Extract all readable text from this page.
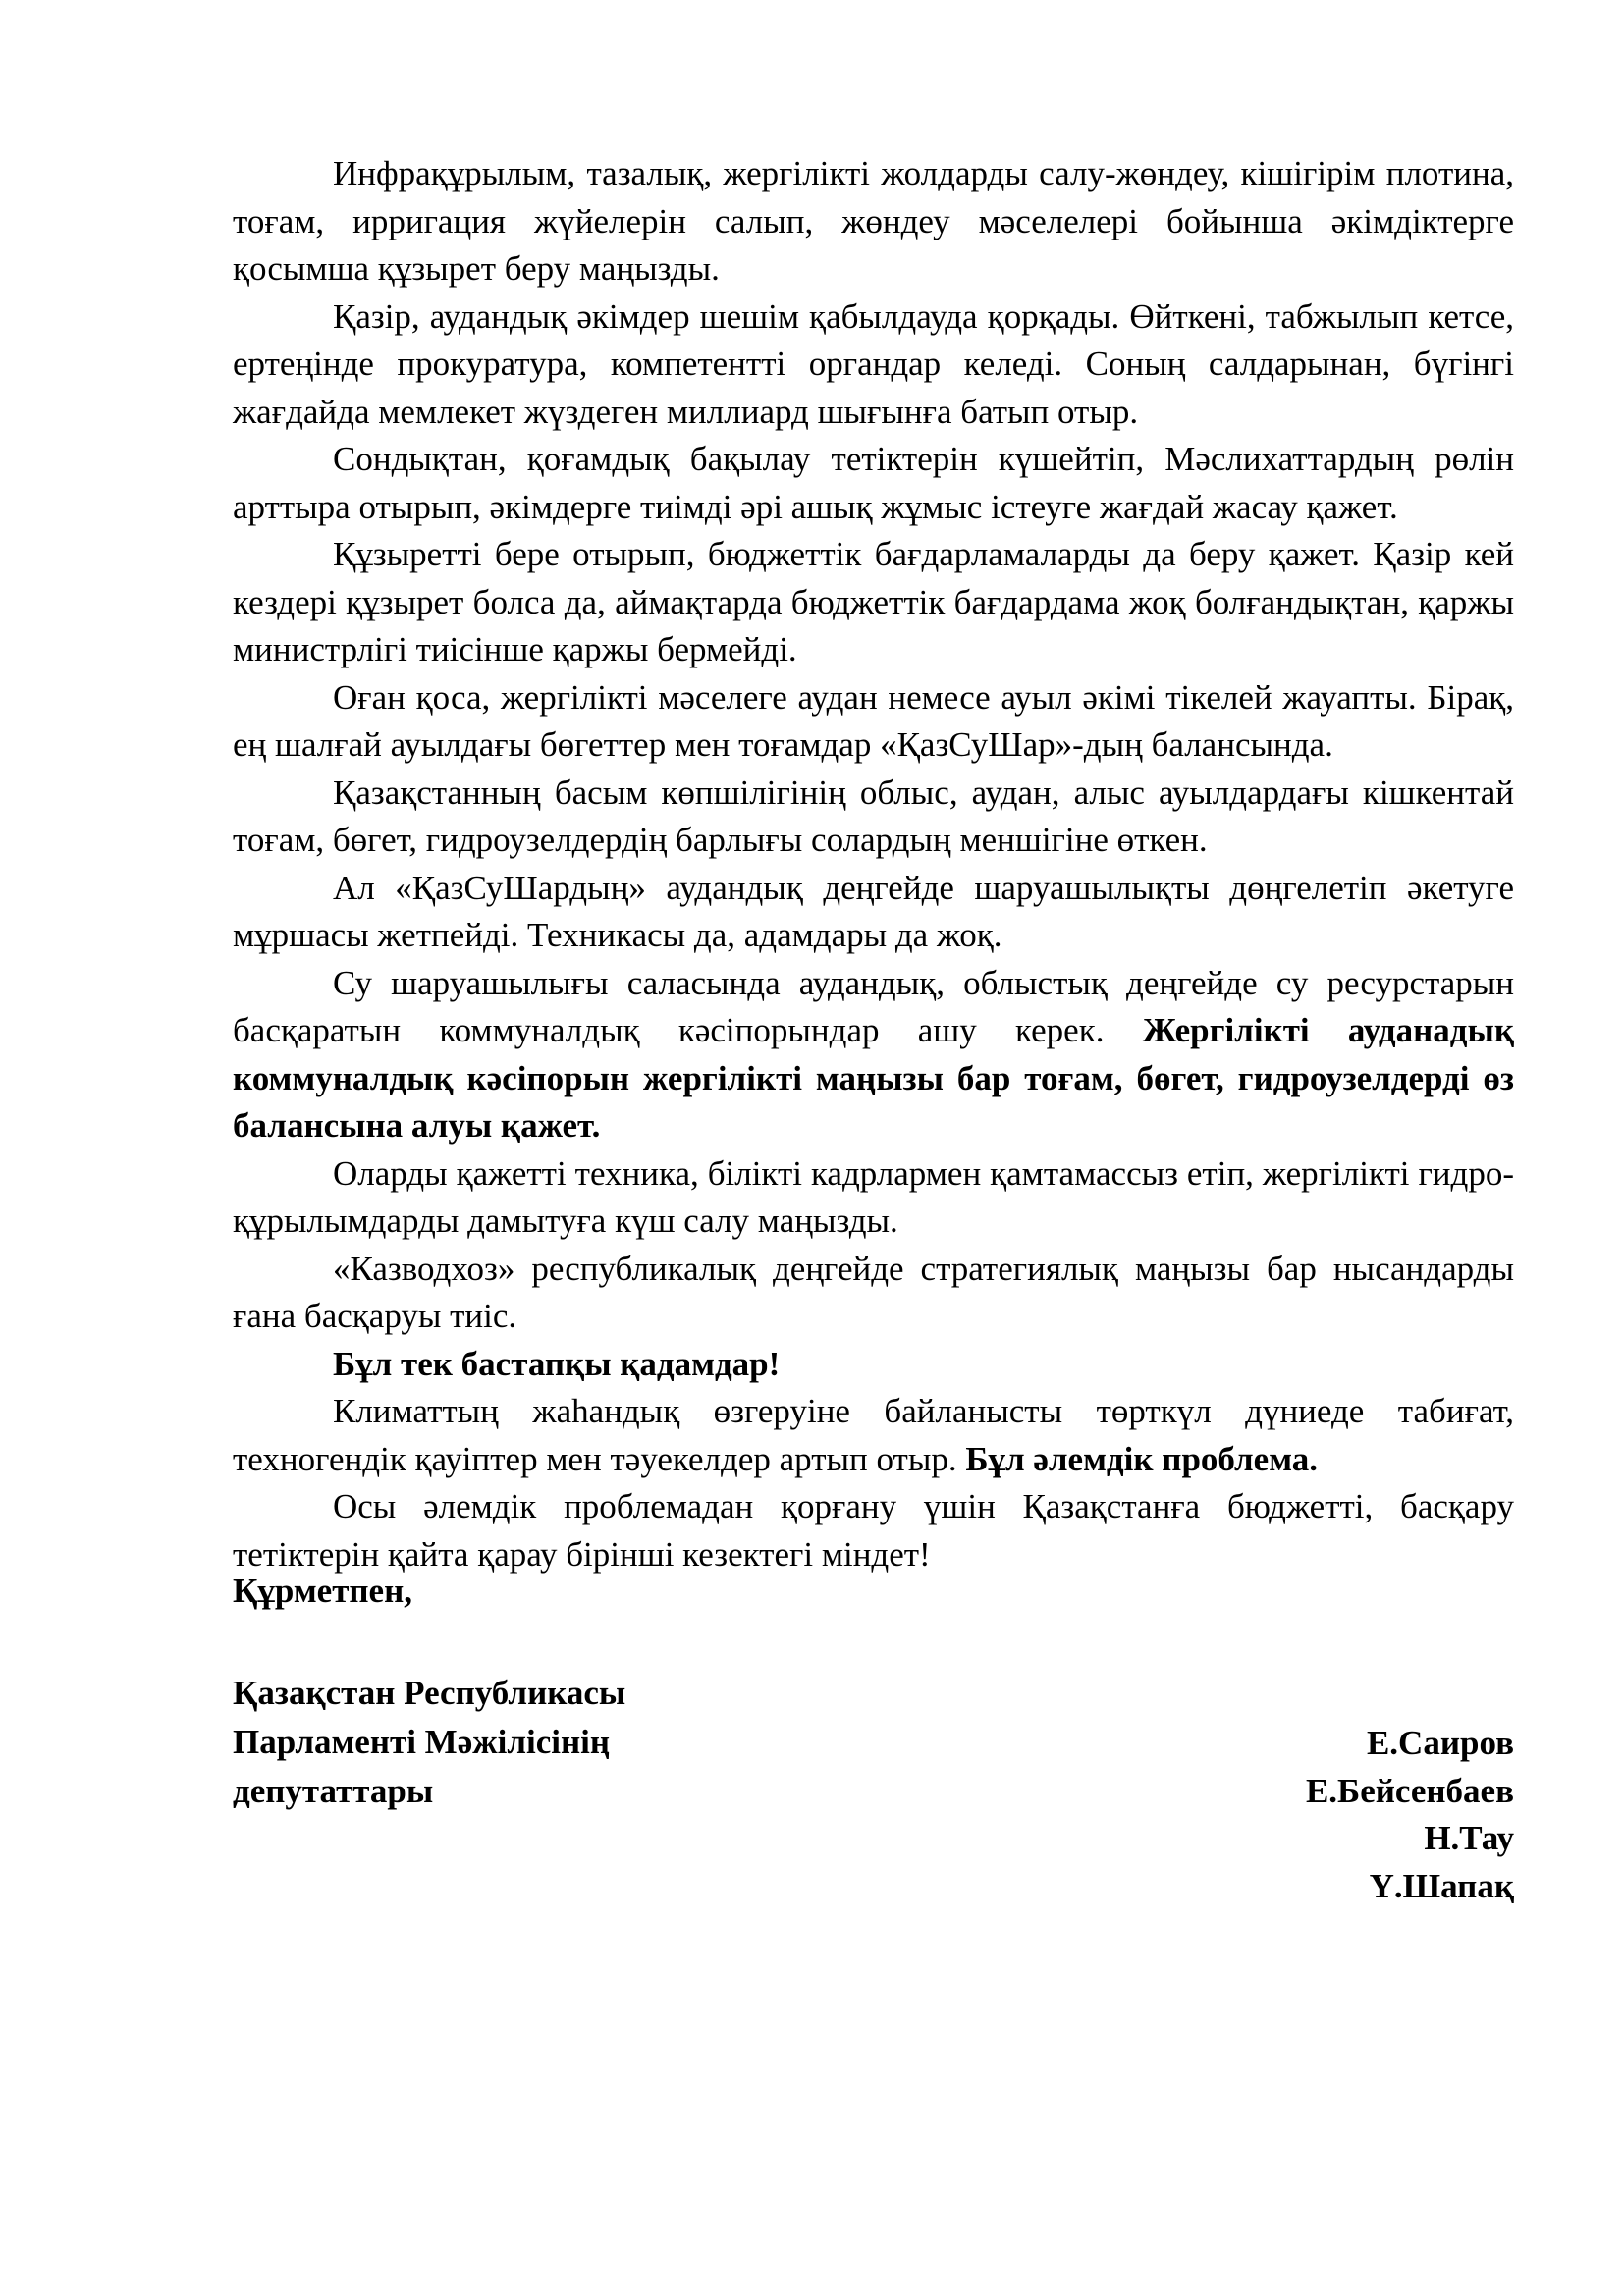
Инфрақұрылым, тазалық, жергілікті жолдарды салу-жөндеу, кішігірім плотина, тоғам, ирригация жүйелерін салып, жөндеу мәселелері бойынша әкімдіктерге қосымша құзырет беру маңызды.

Қазір, аудандық әкімдер шешім қабылдауда қорқады. Өйткені, табжылып кетсе, ертеңінде прокуратура, компетентті органдар келеді. Соның салдарынан, бүгінгі жағдайда мемлекет жүздеген миллиард шығынға батып отыр.

Сондықтан, қоғамдық бақылау тетіктерін күшейтіп, Мәслихаттардың рөлін арттыра отырып, әкімдерге тиімді әрі ашық жұмыс істеуге жағдай жасау қажет.

Құзыретті бере отырып, бюджеттік бағдарламаларды да беру қажет. Қазір кей кездері құзырет болса да, аймақтарда бюджеттік бағдардама жоқ болғандықтан, қаржы министрлігі тиісінше қаржы бермейді.

Оған қоса, жергілікті мәселеге аудан немесе ауыл әкімі тікелей жауапты. Бірақ, ең шалғай ауылдағы бөгеттер мен тоғамдар «ҚазСуШар»-дың балансында.

Қазақстанның басым көпшілігінің облыс, аудан, алыс ауылдардағы кішкентай тоғам, бөгет, гидроузелдердің барлығы солардың меншігіне өткен.

Ал «ҚазСуШардың» аудандық деңгейде шаруашылықты дөңгелетіп әкетуге мұршасы жетпейді. Техникасы да, адамдары да жоқ.

Су шаруашылығы саласында аудандық, облыстық деңгейде су ресурстарын басқаратын коммуналдық кәсіпорындар ашу керек. Жергілікті ауданадық коммуналдық кәсіпорын жергілікті маңызы бар тоғам, бөгет, гидроузелдерді өз балансына алуы қажет.

Оларды қажетті техника, білікті кадрлармен қамтамассыз етіп, жергілікті гидро-құрылымдарды дамытуға күш салу маңызды.

«Казводхоз» республикалық деңгейде стратегиялық маңызы бар нысандарды ғана басқаруы тиіс.

Бұл тек бастапқы қадамдар!

Климаттың жаһандық өзгеруіне байланысты төрткүл дүниеде табиғат, техногендік қауіптер мен тәуекелдер артып отыр. Бұл әлемдік проблема.

Осы әлемдік проблемадан қорғану үшін Қазақстанға бюджетті, басқару тетіктерін қайта қарау бірінші кезектегі міндет!

Құрметпен,

Қазақстан Республикасы

Парламенті Мәжілісінің

депутаттары

Е.Саиров
Е.Бейсенбаев
Н.Тау
Ү.Шапақ
